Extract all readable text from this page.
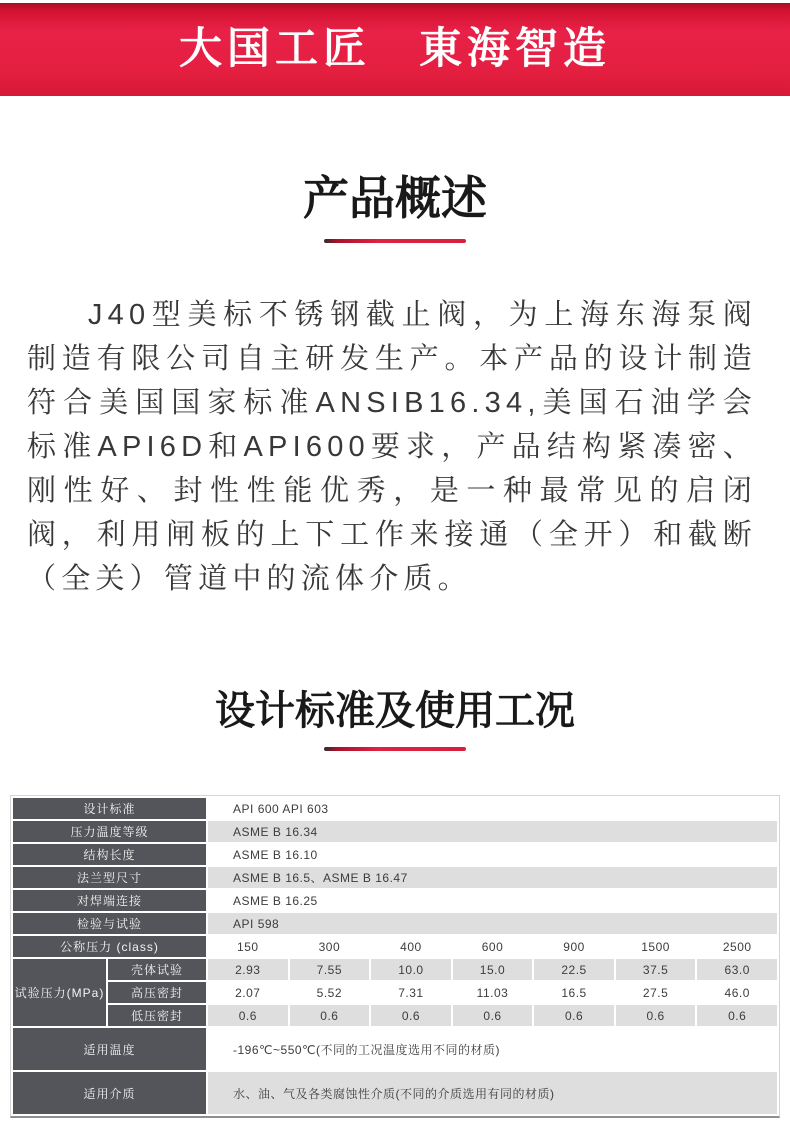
大国工匠　東海智造
产品概述

J40型美标不锈钢截止阀，为上海东海泵阀制造有限公司自主研发生产。本产品的设计制造符合美国国家标准ANSIB16.34,美国石油学会标准API6D和API600要求，产品结构紧凑密、刚性好、封性性能优秀，是一种最常见的启闭阀，利用闸板的上下工作来接通（全开）和截断（全关）管道中的流体介质。

设计标准及使用工况
设计标准		API 600 API 603						
压力温度等级		ASME B 16.34						
结构长度		ASME B 16.10						
法兰型尺寸		ASME B 16.5、ASME B 16.47						
对焊端连接		ASME B 16.25						
检验与试验		API 598						
公称压力 (class)		150	300	400	600	900	1500	2500
试验压力(MPa)	壳体试验	2.93	7.55	10.0	15.0	22.5	37.5	63.0
	高压密封	2.07	5.52	7.31	11.03	16.5	27.5	46.0
	低压密封	0.6	0.6	0.6	0.6	0.6	0.6	0.6
适用温度		-196℃~550℃(不同的工况温度选用不同的材质)						
适用介质		水、油、气及各类腐蚀性介质(不同的介质选用有同的材质)						
